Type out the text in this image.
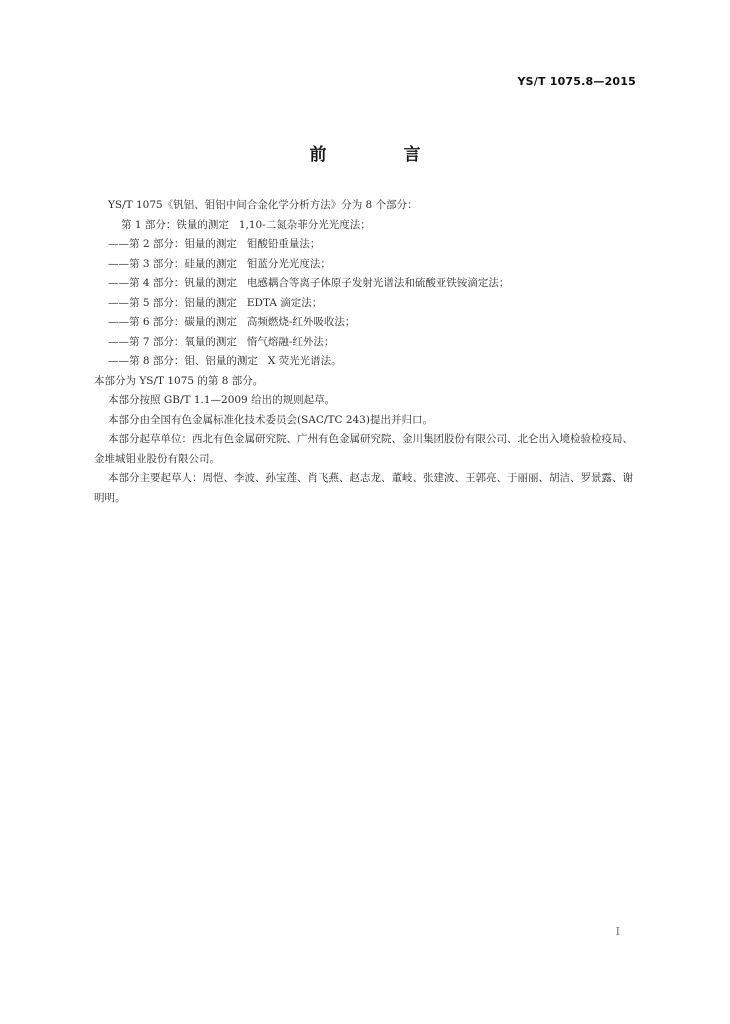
YS/T 1075.8—2015
前　言

YS/T 1075《钒铝、钼铝中间合金化学分析方法》分为 8 个部分：

第 1 部分：铁量的测定 1,10-二氮杂菲分光光度法；
——第 2 部分：钼量的测定 钼酸铅重量法；
——第 3 部分：硅量的测定 钼蓝分光光度法；
——第 4 部分：钒量的测定 电感耦合等离子体原子发射光谱法和硫酸亚铁铵滴定法；
——第 5 部分：铝量的测定 EDTA 滴定法；
——第 6 部分：碳量的测定 高频燃烧-红外吸收法；
——第 7 部分：氧量的测定 惰气熔融-红外法；
——第 8 部分：钼、铝量的测定 X 荧光光谱法。

本部分为 YS/T 1075 的第 8 部分。

本部分按照 GB/T 1.1—2009 给出的规则起草。

本部分由全国有色金属标准化技术委员会(SAC/TC 243)提出并归口。

本部分起草单位：西北有色金属研究院、广州有色金属研究院、金川集团股份有限公司、北仑出入境检验检疫局、金堆城钼业股份有限公司。

本部分主要起草人：周恺、李波、孙宝莲、肖飞燕、赵志龙、董岐、张建波、王郭亮、于丽丽、胡洁、罗景露、谢明明。

I
